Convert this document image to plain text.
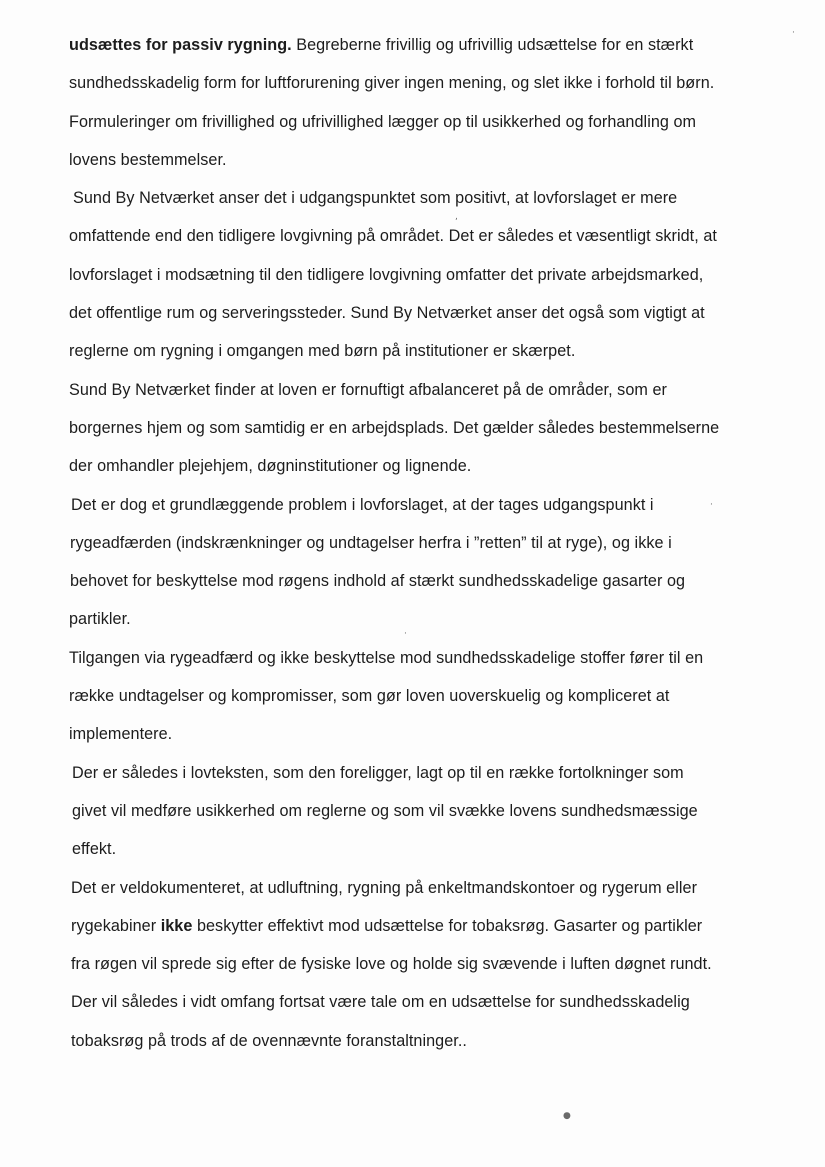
udsættes for passiv rygning. Begreberne frivillig og ufrivillig udsættelse for en stærkt
sundhedsskadelig form for luftforurening giver ingen mening, og slet ikke i forhold til børn.
Formuleringer om frivillighed og ufrivillighed lægger op til usikkerhed og forhandling om
lovens bestemmelser.
Sund By Netværket anser det i udgangspunktet som positivt, at lovforslaget er mere
omfattende end den tidligere lovgivning på området. Det er således et væsentligt skridt, at
lovforslaget i modsætning til den tidligere lovgivning omfatter det private arbejdsmarked,
det offentlige rum og serveringssteder. Sund By Netværket anser det også som vigtigt at
reglerne om rygning i omgangen med børn på institutioner er skærpet.
Sund By Netværket finder at loven er fornuftigt afbalanceret på de områder, som er
borgernes hjem og som samtidig er en arbejdsplads. Det gælder således bestemmelserne
der omhandler plejehjem, døgninstitutioner og lignende.
Det er dog et grundlæggende problem i lovforslaget, at der tages udgangspunkt i
rygeadfærden (indskrænkninger og undtagelser herfra i ”retten” til at ryge), og ikke i
behovet for beskyttelse mod røgens indhold af stærkt sundhedsskadelige gasarter og
partikler.
Tilgangen via rygeadfærd og ikke beskyttelse mod sundhedsskadelige stoffer fører til en
række undtagelser og kompromisser, som gør loven uoverskuelig og kompliceret at
implementere.
Der er således i lovteksten, som den foreligger, lagt op til en række fortolkninger som
givet vil medføre usikkerhed om reglerne og som vil svække lovens sundhedsmæssige
effekt.
Det er veldokumenteret, at udluftning, rygning på enkeltmandskontoer og rygerum eller
rygekabiner ikke beskytter effektivt mod udsættelse for tobaksrøg. Gasarter og partikler
fra røgen vil sprede sig efter de fysiske love og holde sig svævende i luften døgnet rundt.
Der vil således i vidt omfang fortsat være tale om en udsættelse for sundhedsskadelig
tobaksrøg på trods af de ovennævnte foranstaltninger..
·
,
·
·
●
